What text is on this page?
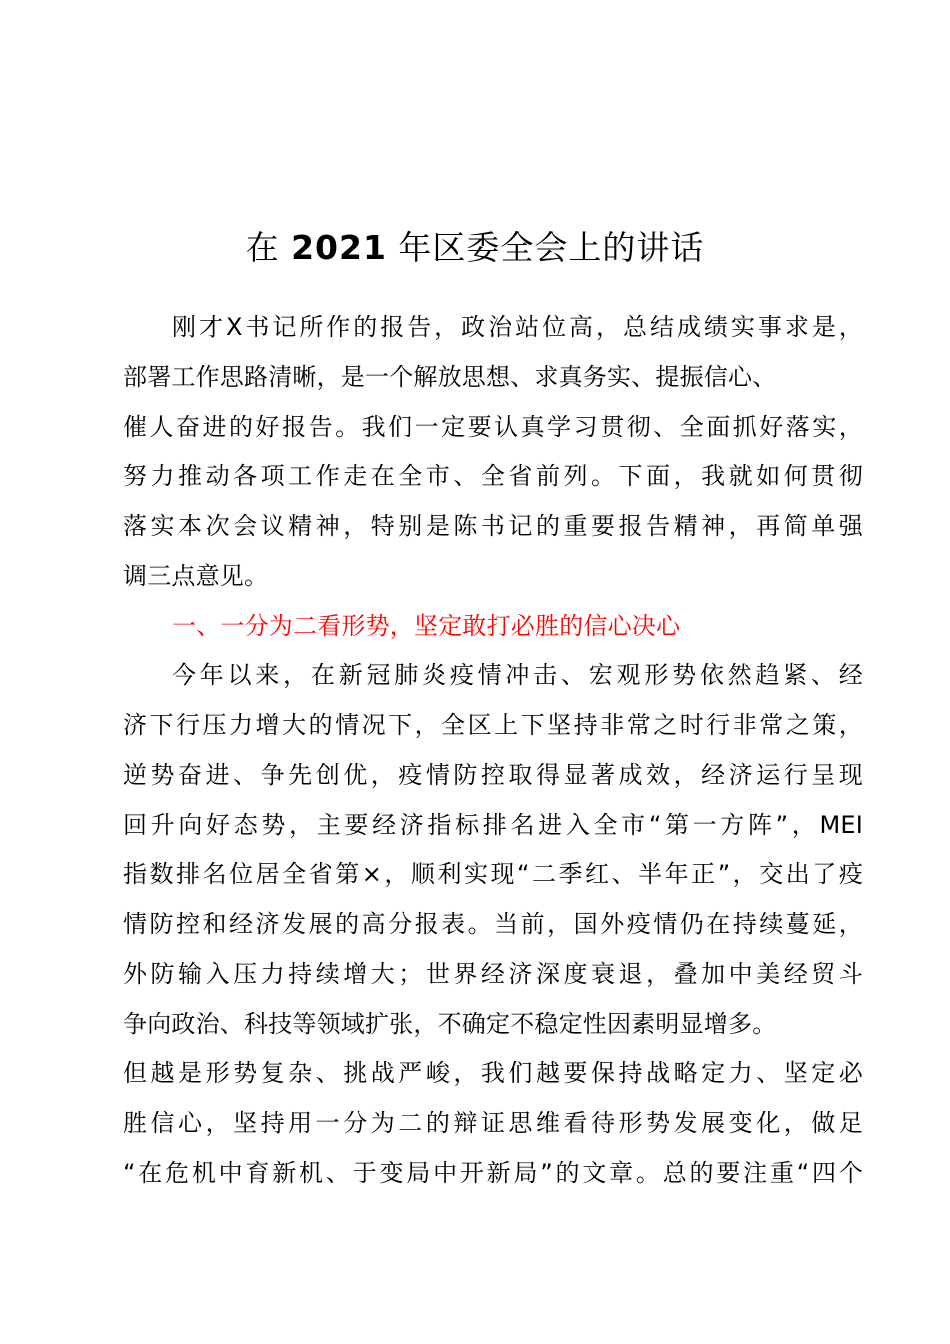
在 2021 年区委全会上的讲话
刚才X书记所作的报告，政治站位高，总结成绩实事求是，
部署工作思路清晰，是一个解放思想、求真务实、提振信心、
催人奋进的好报告。我们一定要认真学习贯彻、全面抓好落实，
努力推动各项工作走在全市、全省前列。下面，我就如何贯彻
落实本次会议精神，特别是陈书记的重要报告精神，再简单强
调三点意见。
一、一分为二看形势，坚定敢打必胜的信心决心
今年以来，在新冠肺炎疫情冲击、宏观形势依然趋紧、经
济下行压力增大的情况下，全区上下坚持非常之时行非常之策，
逆势奋进、争先创优，疫情防控取得显著成效，经济运行呈现
回升向好态势，主要经济指标排名进入全市“第一方阵”，MEI
指数排名位居全省第×，顺利实现“二季红、半年正”，交出了疫
情防控和经济发展的高分报表。当前，国外疫情仍在持续蔓延，
外防输入压力持续增大；世界经济深度衰退，叠加中美经贸斗
争向政治、科技等领域扩张，不确定不稳定性因素明显增多。
但越是形势复杂、挑战严峻，我们越要保持战略定力、坚定必
胜信心，坚持用一分为二的辩证思维看待形势发展变化，做足
“在危机中育新机、于变局中开新局”的文章。总的要注重“四个
